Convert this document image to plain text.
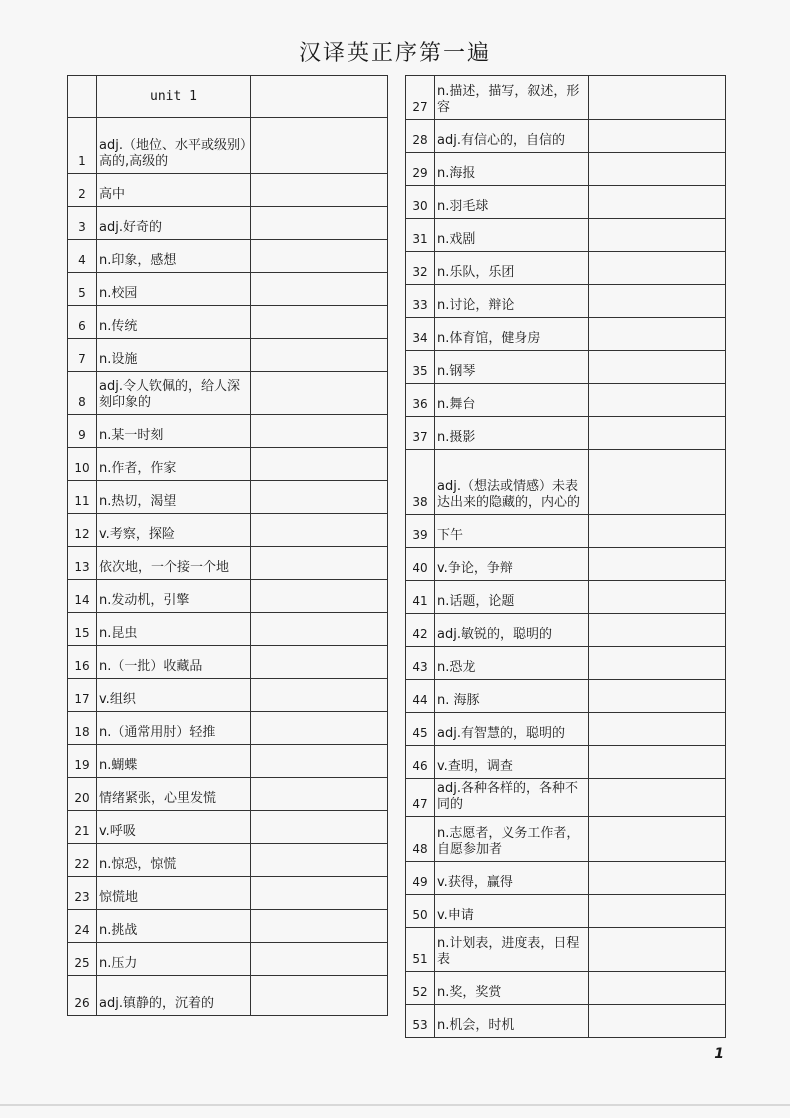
汉译英正序第一遍
	unit 1	
1	adj.（地位、水平或级别）高的,高级的	
2	高中	
3	adj.好奇的	
4	n.印象，感想	
5	n.校园	
6	n.传统	
7	n.设施	
8	adj.令人钦佩的，给人深刻印象的	
9	n.某一时刻	
10	n.作者，作家	
11	n.热切，渴望	
12	v.考察，探险	
13	依次地，一个接一个地	
14	n.发动机，引擎	
15	n.昆虫	
16	n.（一批）收藏品	
17	v.组织	
18	n.（通常用肘）轻推	
19	n.蝴蝶	
20	情绪紧张，心里发慌	
21	v.呼吸	
22	n.惊恐，惊慌	
23	惊慌地	
24	n.挑战	
25	n.压力	
26	adj.镇静的，沉着的	
27	n.描述，描写，叙述，形容	
28	adj.有信心的，自信的	
29	n.海报	
30	n.羽毛球	
31	n.戏剧	
32	n.乐队，乐团	
33	n.讨论，辩论	
34	n.体育馆，健身房	
35	n.钢琴	
36	n.舞台	
37	n.摄影	
38	adj.（想法或情感）未表达出来的隐藏的，内心的	
39	下午	
40	v.争论，争辩	
41	n.话题，论题	
42	adj.敏锐的，聪明的	
43	n.恐龙	
44	n. 海豚	
45	adj.有智慧的，聪明的	
46	v.查明，调查	
47	adj.各种各样的，各种不同的	
48	n.志愿者，义务工作者，自愿参加者	
49	v.获得，赢得	
50	v.申请	
51	n.计划表，进度表，日程表	
52	n.奖，奖赏	
53	n.机会，时机	
1
